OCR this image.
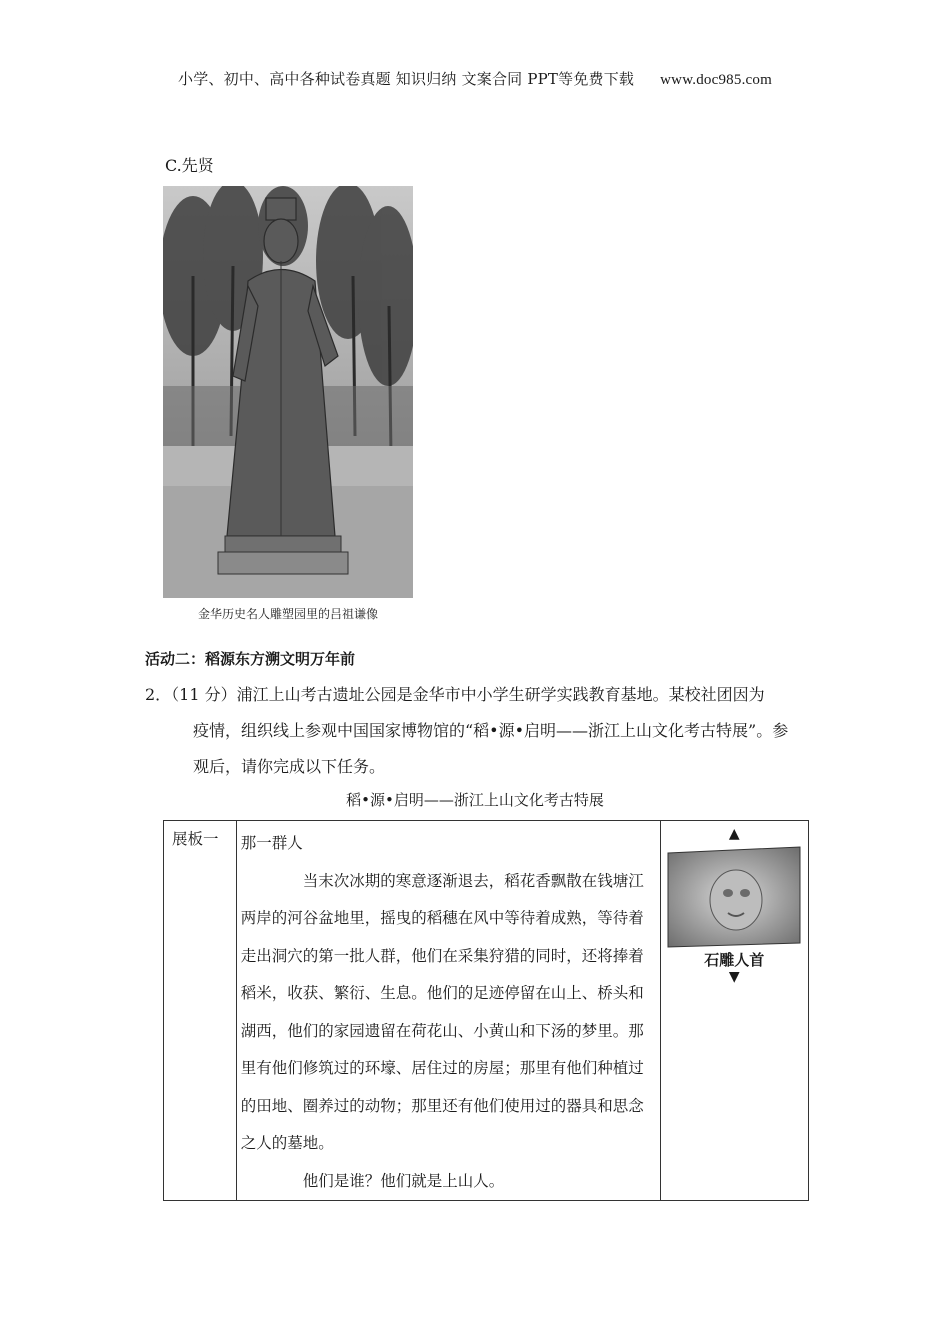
小学、初中、高中各种试卷真题 知识归纳 文案合同 PPT等免费下载 www.doc985.com
C.先贤
金华历史名人雕塑园里的吕祖谦像
活动二：稻源东方溯文明万年前
2．（11 分）浦江上山考古遗址公园是金华市中小学生研学实践教育基地。某校社团因为
疫情，组织线上参观中国国家博物馆的“稻•源•启明——浙江上山文化考古特展”。参
观后，请你完成以下任务。
稻•源•启明——浙江上山文化考古特展
展板一	那一群人
当末次冰期的寒意逐渐退去，稻花香飘散在钱塘江两岸的河谷盆地里，摇曳的稻穗在风中等待着成熟，等待着走出洞穴的第一批人群，他们在采集狩猎的同时，还将捧着稻米，收获、繁衍、生息。他们的足迹停留在山上、桥头和湖西，他们的家园遗留在荷花山、小黄山和下汤的梦里。那里有他们修筑过的环壕、居住过的房屋；那里有他们种植过的田地、圈养过的动物；那里还有他们使用过的器具和思念之人的墓地。
他们是谁？他们就是上山人。

▲
石雕人首
▼
